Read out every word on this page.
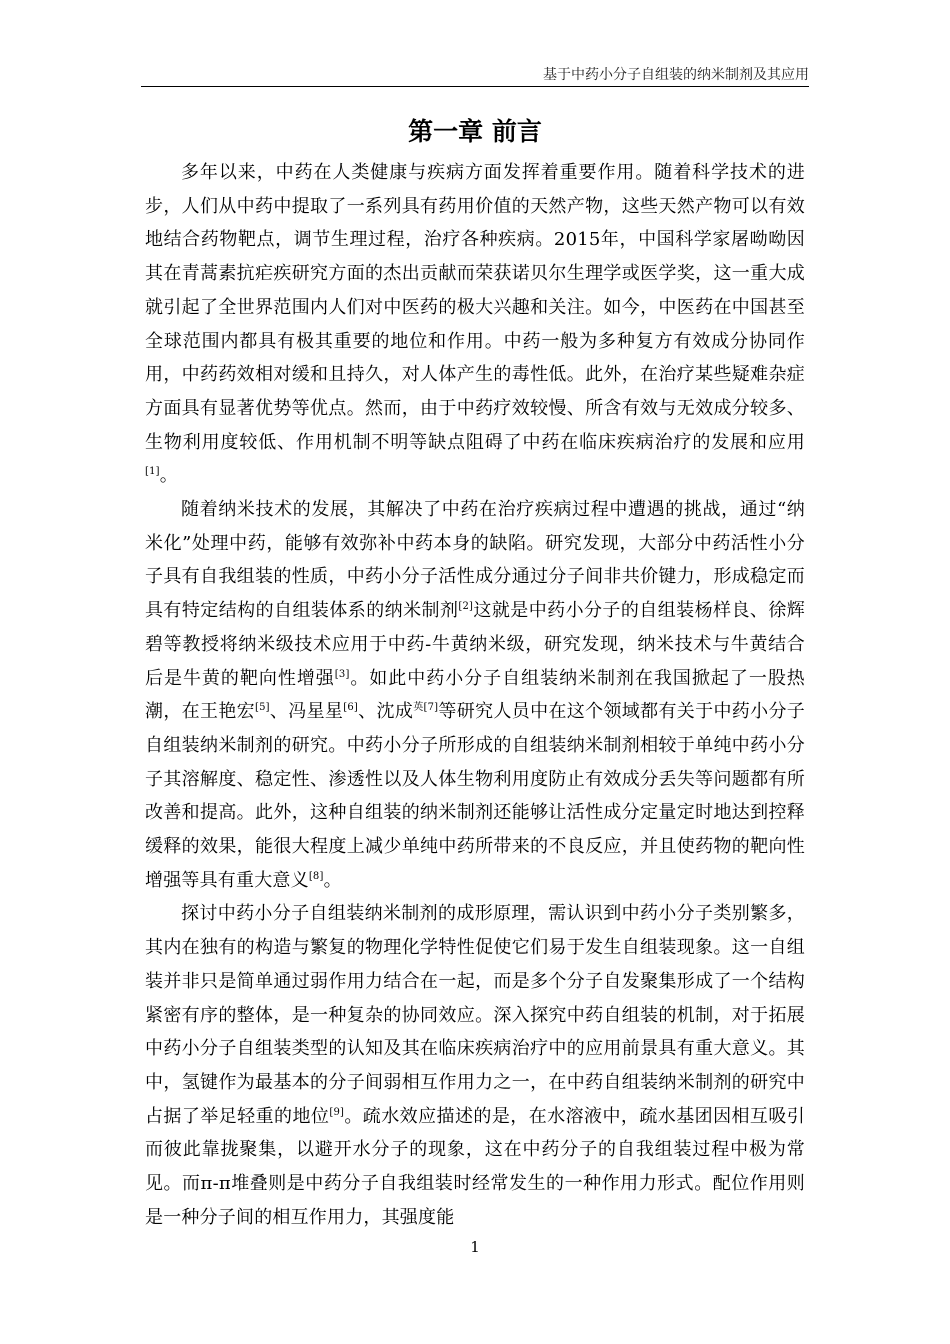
基于中药小分子自组装的纳米制剂及其应用
第一章 前言

多年以来，中药在人类健康与疾病方面发挥着重要作用。随着科学技术的进步，人们从中药中提取了一系列具有药用价值的天然产物，这些天然产物可以有效地结合药物靶点，调节生理过程，治疗各种疾病。2015年，中国科学家屠呦呦因其在青蒿素抗疟疾研究方面的杰出贡献而荣获诺贝尔生理学或医学奖，这一重大成就引起了全世界范围内人们对中医药的极大兴趣和关注。如今，中医药在中国甚至全球范围内都具有极其重要的地位和作用。中药一般为多种复方有效成分协同作用，中药药效相对缓和且持久，对人体产生的毒性低。此外，在治疗某些疑难杂症方面具有显著优势等优点。然而，由于中药疗效较慢、所含有效与无效成分较多、生物利用度较低、作用机制不明等缺点阻碍了中药在临床疾病治疗的发展和应用[1]。

随着纳米技术的发展，其解决了中药在治疗疾病过程中遭遇的挑战，通过“纳米化”处理中药，能够有效弥补中药本身的缺陷。研究发现，大部分中药活性小分子具有自我组装的性质，中药小分子活性成分通过分子间非共价键力，形成稳定而具有特定结构的自组装体系的纳米制剂[2]这就是中药小分子的自组装杨样良、徐辉碧等教授将纳米级技术应用于中药-牛黄纳米级，研究发现，纳米技术与牛黄结合后是牛黄的靶向性增强[3]。如此中药小分子自组装纳米制剂在我国掀起了一股热潮，在王艳宏[5]、冯星星[6]、沈成$^{英[7]}$等研究人员中在这个领域都有关于中药小分子自组装纳米制剂的研究。中药小分子所形成的自组装纳米制剂相较于单纯中药小分子其溶解度、稳定性、渗透性以及人体生物利用度防止有效成分丢失等问题都有所改善和提高。此外，这种自组装的纳米制剂还能够让活性成分定量定时地达到控释缓释的效果，能很大程度上减少单纯中药所带来的不良反应，并且使药物的靶向性增强等具有重大意义[8]。

探讨中药小分子自组装纳米制剂的成形原理，需认识到中药小分子类别繁多，其内在独有的构造与繁复的物理化学特性促使它们易于发生自组装现象。这一自组装并非只是简单通过弱作用力结合在一起，而是多个分子自发聚集形成了一个结构紧密有序的整体，是一种复杂的协同效应。深入探究中药自组装的机制，对于拓展中药小分子自组装类型的认知及其在临床疾病治疗中的应用前景具有重大意义。其中，氢键作为最基本的分子间弱相互作用力之一，在中药自组装纳米制剂的研究中占据了举足轻重的地位[9]。疏水效应描述的是，在水溶液中，疏水基团因相互吸引而彼此靠拢聚集，以避开水分子的现象，这在中药分子的自我组装过程中极为常见。而π-π堆叠则是中药分子自我组装时经常发生的一种作用力形式。配位作用则是一种分子间的相互作用力，其强度能

1
